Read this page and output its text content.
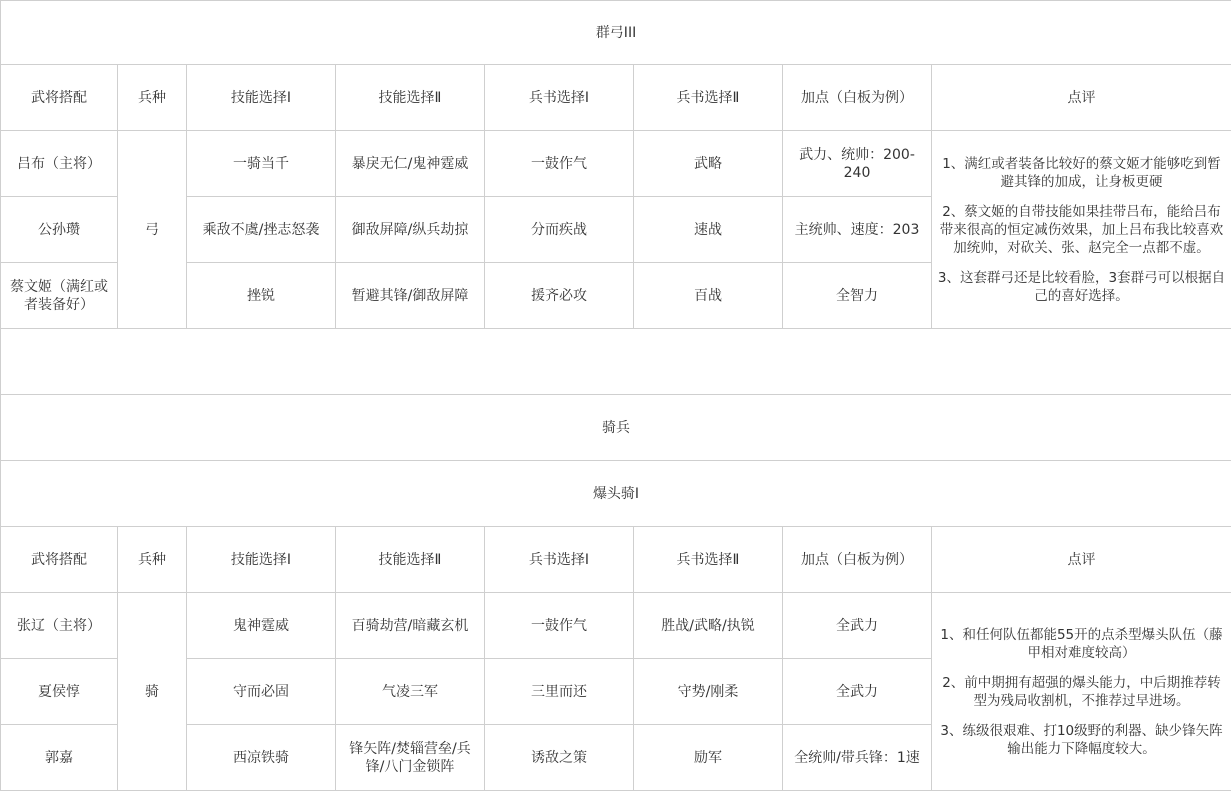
群弓III							
武将搭配	兵种	技能选择Ⅰ	技能选择Ⅱ	兵书选择Ⅰ	兵书选择Ⅱ	加点（白板为例）	点评
吕布（主将）	弓	一骑当千	暴戾无仁/鬼神霆威	一鼓作气	武略	武力、统帅：200-240	1、满红或者装备比较好的蔡文姬才能够吃到暂避其锋的加成，让身板更硬
2、蔡文姬的自带技能如果挂带吕布，能给吕布带来很高的恒定减伤效果，加上吕布我比较喜欢加统帅，对砍关、张、赵完全一点都不虚。
3、这套群弓还是比较看脸，3套群弓可以根据自己的喜好选择。

公孙瓒		乘敌不虞/挫志怒袭	御敌屏障/纵兵劫掠	分而疾战	速战	主统帅、速度：203	
蔡文姬（满红或者装备好）		挫锐	暂避其锋/御敌屏障	援齐必攻	百战	全智力	

骑兵							
爆头骑Ⅰ							
武将搭配	兵种	技能选择Ⅰ	技能选择Ⅱ	兵书选择Ⅰ	兵书选择Ⅱ	加点（白板为例）	点评
张辽（主将）	骑	鬼神霆威	百骑劫营/暗藏玄机	一鼓作气	胜战/武略/执锐	全武力	1、和任何队伍都能55开的点杀型爆头队伍（藤甲相对难度较高）
2、前中期拥有超强的爆头能力，中后期推荐转型为残局收割机，不推荐过早进场。
3、练级很艰难、打10级野的利器、缺少锋矢阵输出能力下降幅度较大。

夏侯惇		守而必固	气凌三军	三里而还	守势/刚柔	全武力	
郭嘉		西凉铁骑	锋矢阵/焚辎营垒/兵锋/八门金锁阵	诱敌之策	励军	全统帅/带兵锋：1速	
